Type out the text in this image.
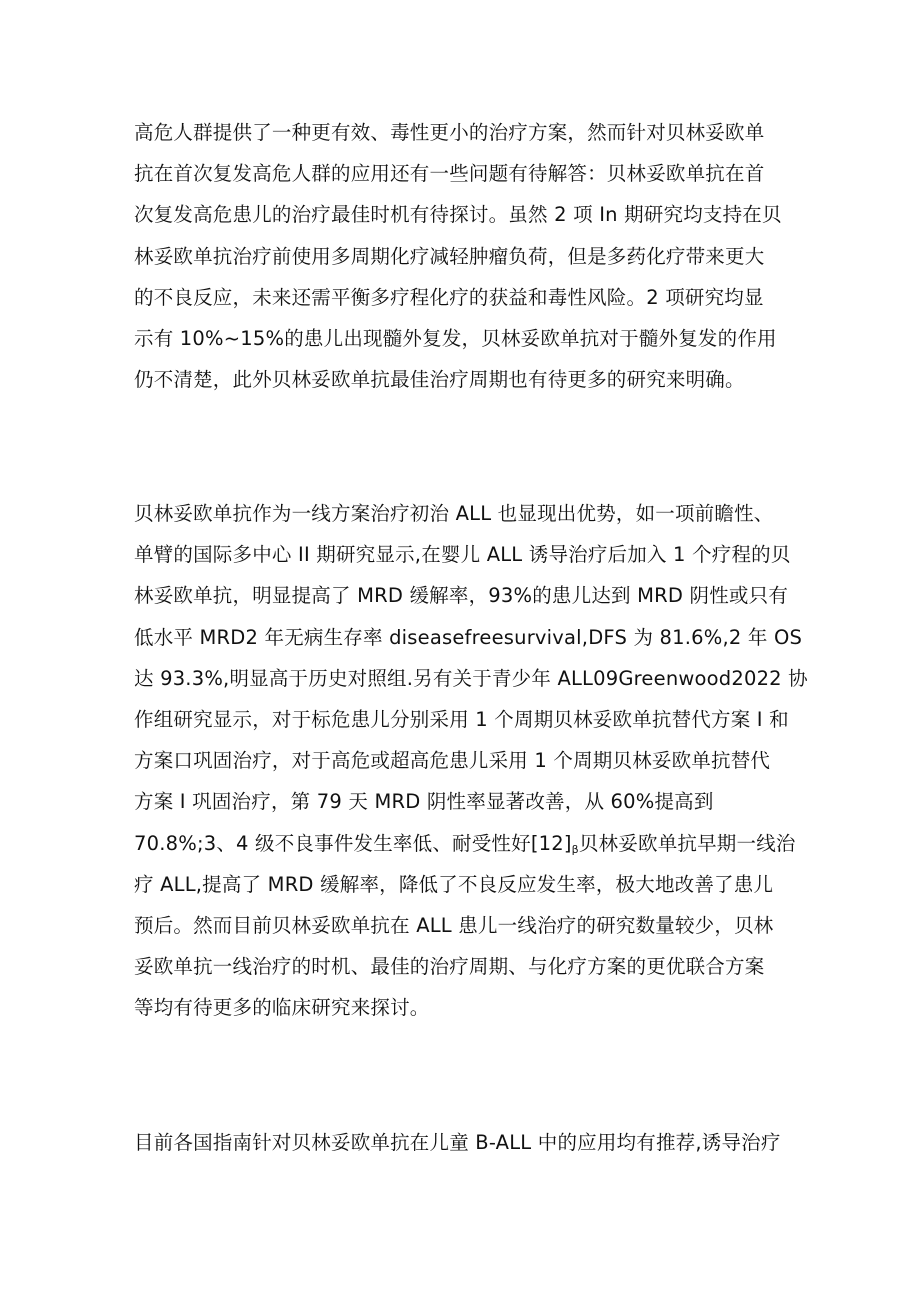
高危人群提供了一种更有效、毒性更小的治疗方案，然而针对贝林妥欧单
抗在首次复发高危人群的应用还有一些问题有待解答：贝林妥欧单抗在首
次复发高危患儿的治疗最佳时机有待探讨。虽然 2 项 In 期研究均支持在贝
林妥欧单抗治疗前使用多周期化疗减轻肿瘤负荷，但是多药化疗带来更大
的不良反应，未来还需平衡多疗程化疗的获益和毒性风险。2 项研究均显
示有 10%~15%的患儿出现髓外复发，贝林妥欧单抗对于髓外复发的作用
仍不清楚，此外贝林妥欧单抗最佳治疗周期也有待更多的研究来明确。
贝林妥欧单抗作为一线方案治疗初治 ALL 也显现出优势，如一项前瞻性、
单臂的国际多中心 II 期研究显示,在婴儿 ALL 诱导治疗后加入 1 个疗程的贝
林妥欧单抗，明显提高了 MRD 缓解率，93%的患儿达到 MRD 阴性或只有
低水平 MRD2 年无病生存率 diseasefreesurvival,DFS 为 81.6%,2 年 OS
达 93.3%,明显高于历史对照组.另有关于青少年 ALL09Greenwood2022 协
作组研究显示，对于标危患儿分别采用 1 个周期贝林妥欧单抗替代方案 I 和
方案口巩固治疗，对于高危或超高危患儿采用 1 个周期贝林妥欧单抗替代
方案 I 巩固治疗，第 79 天 MRD 阴性率显著改善，从 60%提高到
70.8%;3、4 级不良事件发生率低、耐受性好$[12]_\beta$贝林妥欧单抗早期一线治
疗 ALL,提高了 MRD 缓解率，降低了不良反应发生率，极大地改善了患儿
预后。然而目前贝林妥欧单抗在 ALL 患儿一线治疗的研究数量较少，贝林
妥欧单抗一线治疗的时机、最佳的治疗周期、与化疗方案的更优联合方案
等均有待更多的临床研究来探讨。
目前各国指南针对贝林妥欧单抗在儿童 B-ALL 中的应用均有推荐,诱导治疗
